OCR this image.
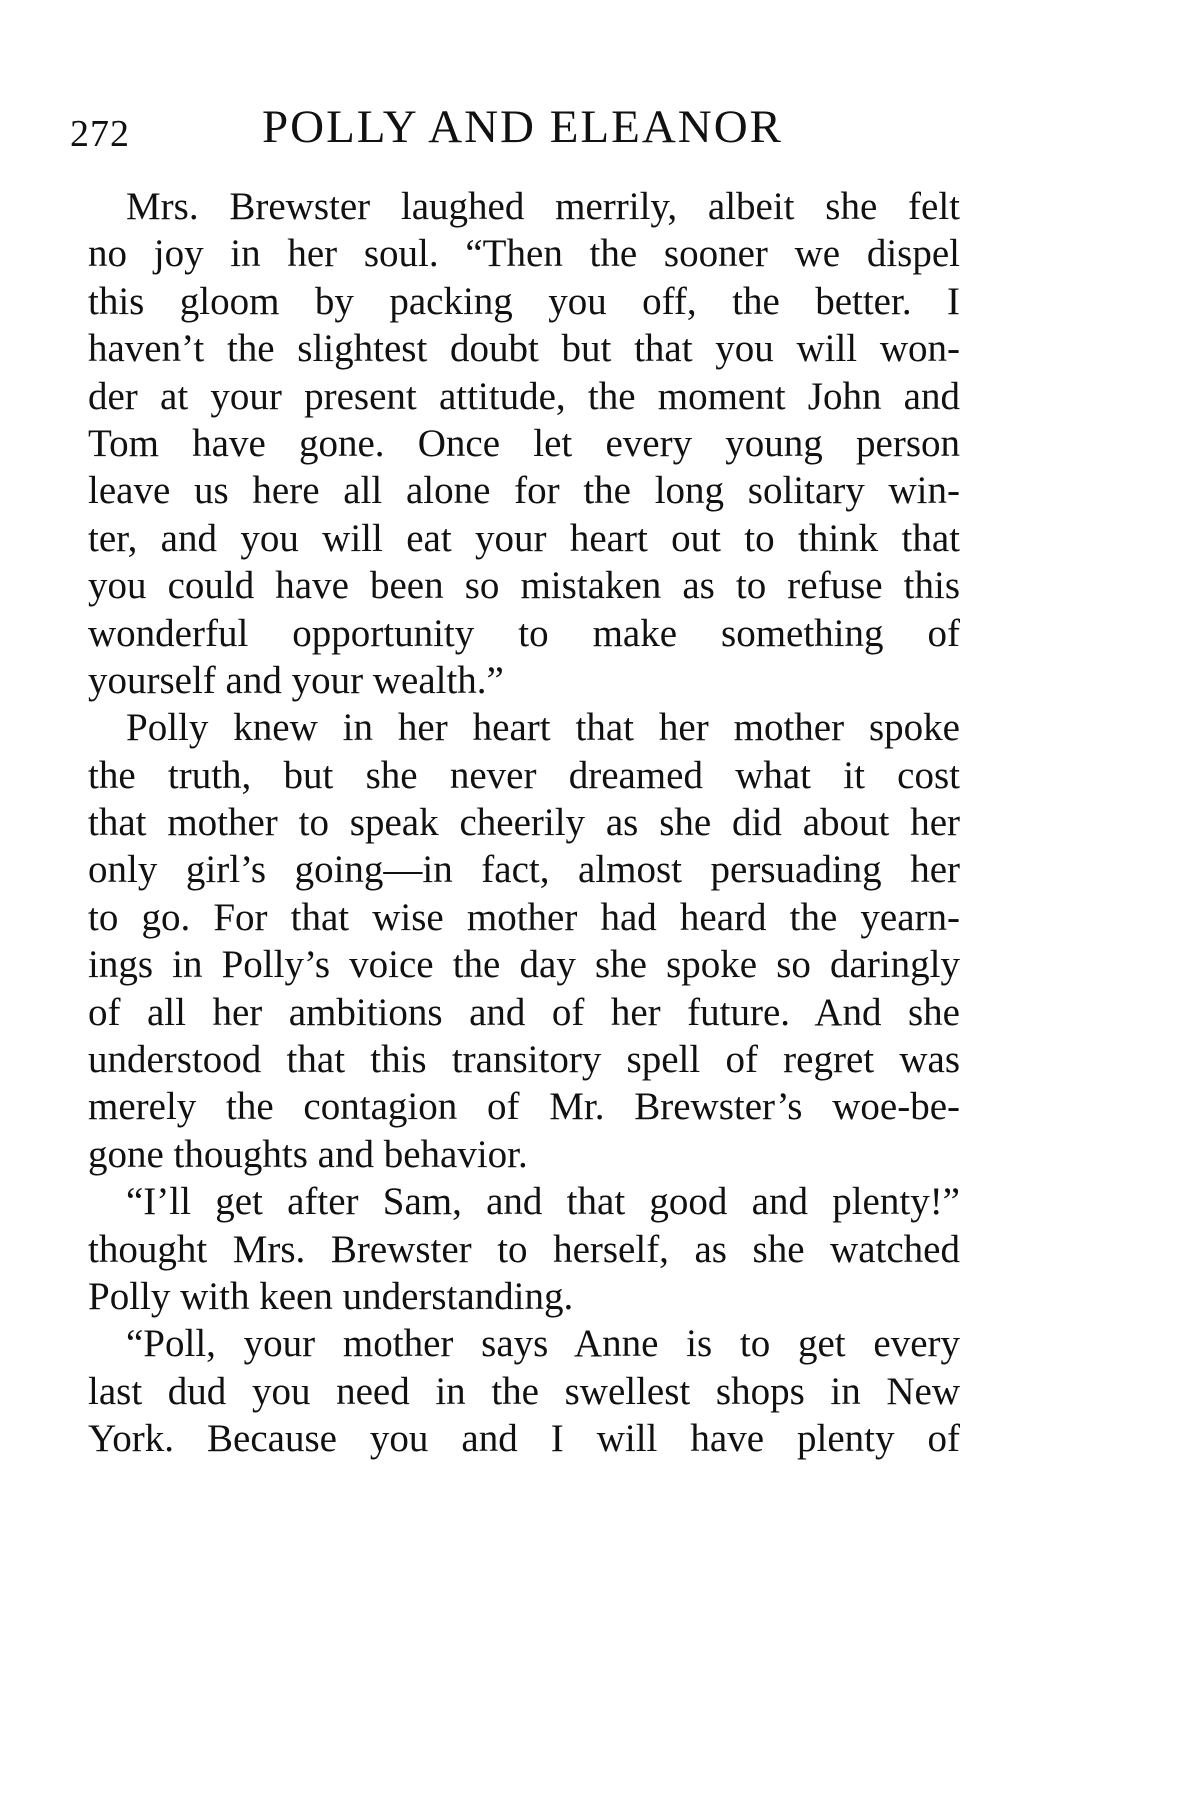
272	POLLY AND ELEANOR

Mrs. Brewster laughed merrily, albeit she felt
no joy in her soul. “Then the sooner we dispel
this gloom by packing you off, the better. I
haven’t the slightest doubt but that you will won-
der at your present attitude, the moment John and
Tom have gone. Once let every young person
leave us here all alone for the long solitary win-
ter, and you will eat your heart out to think that
you could have been so mistaken as to refuse this
wonderful opportunity to make something of
yourself and your wealth.”

Polly knew in her heart that her mother spoke
the truth, but she never dreamed what it cost
that mother to speak cheerily as she did about her
only girl’s going—in fact, almost persuading her
to go. For that wise mother had heard the yearn-
ings in Polly’s voice the day she spoke so daringly
of all her ambitions and of her future. And she
understood that this transitory spell of regret was
merely the contagion of Mr. Brewster’s woe-be-
gone thoughts and behavior.

“I’ll get after Sam, and that good and plenty!”
thought Mrs. Brewster to herself, as she watched
Polly with keen understanding.

“Poll, your mother says Anne is to get every
last dud you need in the swellest shops in New
York. Because you and I will have plenty of
